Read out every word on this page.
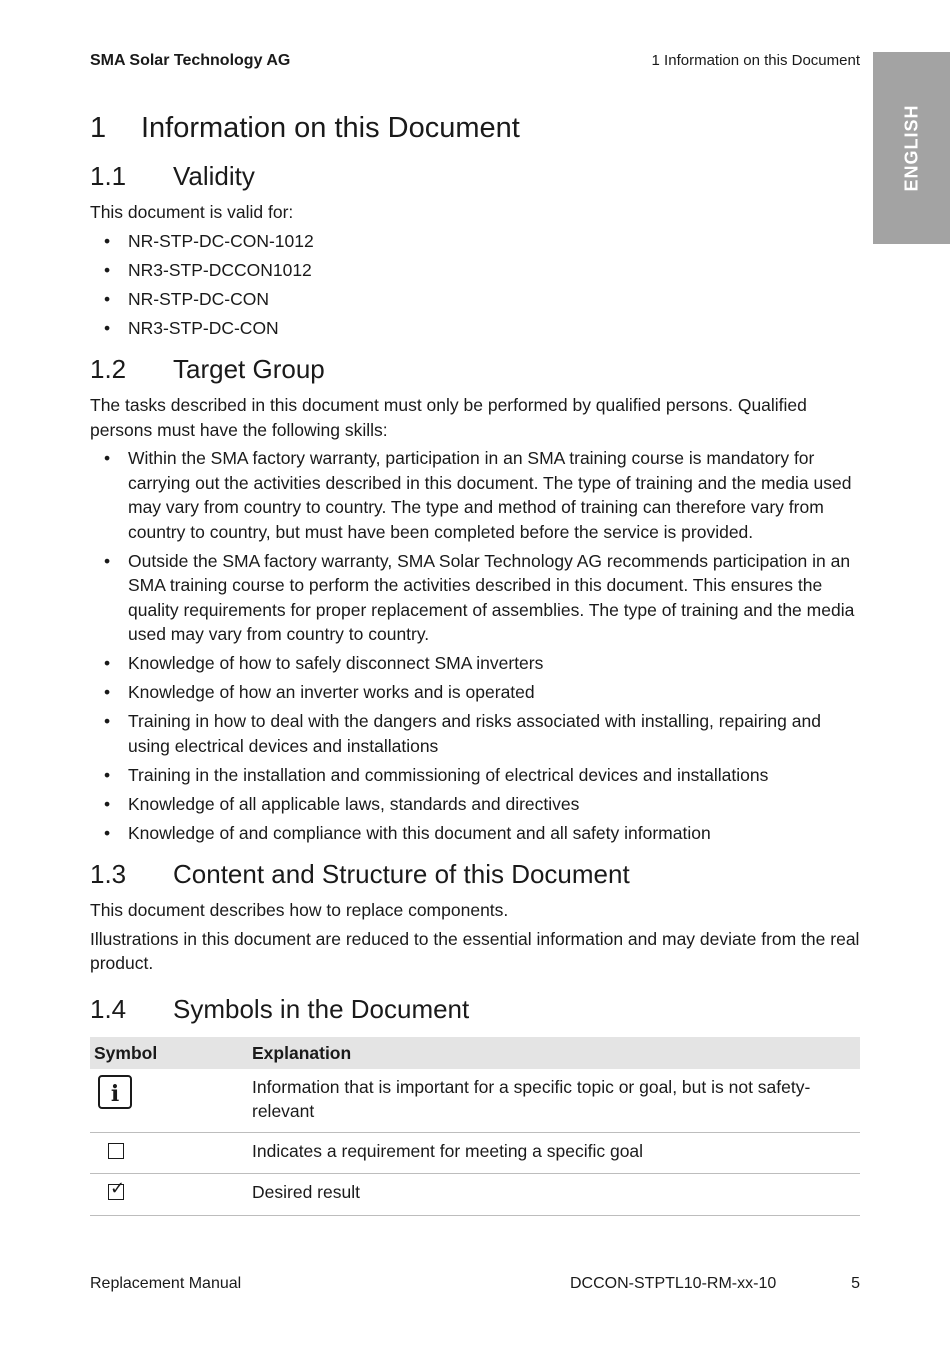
SMA Solar Technology AG	1 Information on this Document
ENGLISH
1 Information on this Document
1.1 Validity

This document is valid for:

• NR-STP-DC-CON-1012
• NR3-STP-DCCON1012
• NR-STP-DC-CON
• NR3-STP-DC-CON
1.2 Target Group

The tasks described in this document must only be performed by qualified persons. Qualified persons must have the following skills:

• Within the SMA factory warranty, participation in an SMA training course is mandatory for carrying out the activities described in this document. The type of training and the media used may vary from country to country. The type and method of training can therefore vary from country to country, but must have been completed before the service is provided.
• Outside the SMA factory warranty, SMA Solar Technology AG recommends participation in an SMA training course to perform the activities described in this document. This ensures the quality requirements for proper replacement of assemblies. The type of training and the media used may vary from country to country.
• Knowledge of how to safely disconnect SMA inverters
• Knowledge of how an inverter works and is operated
• Training in how to deal with the dangers and risks associated with installing, repairing and using electrical devices and installations
• Training in the installation and commissioning of electrical devices and installations
• Knowledge of all applicable laws, standards and directives
• Knowledge of and compliance with this document and all safety information
1.3 Content and Structure of this Document

This document describes how to replace components.

Illustrations in this document are reduced to the essential information and may deviate from the real product.

1.4 Symbols in the Document
Symbol	Explanation
i	Information that is important for a specific topic or goal, but is not safety-relevant
	Indicates a requirement for meeting a specific goal

✓	Desired result
Replacement Manual	DCCON-STPTL10-RM-xx-10	5
